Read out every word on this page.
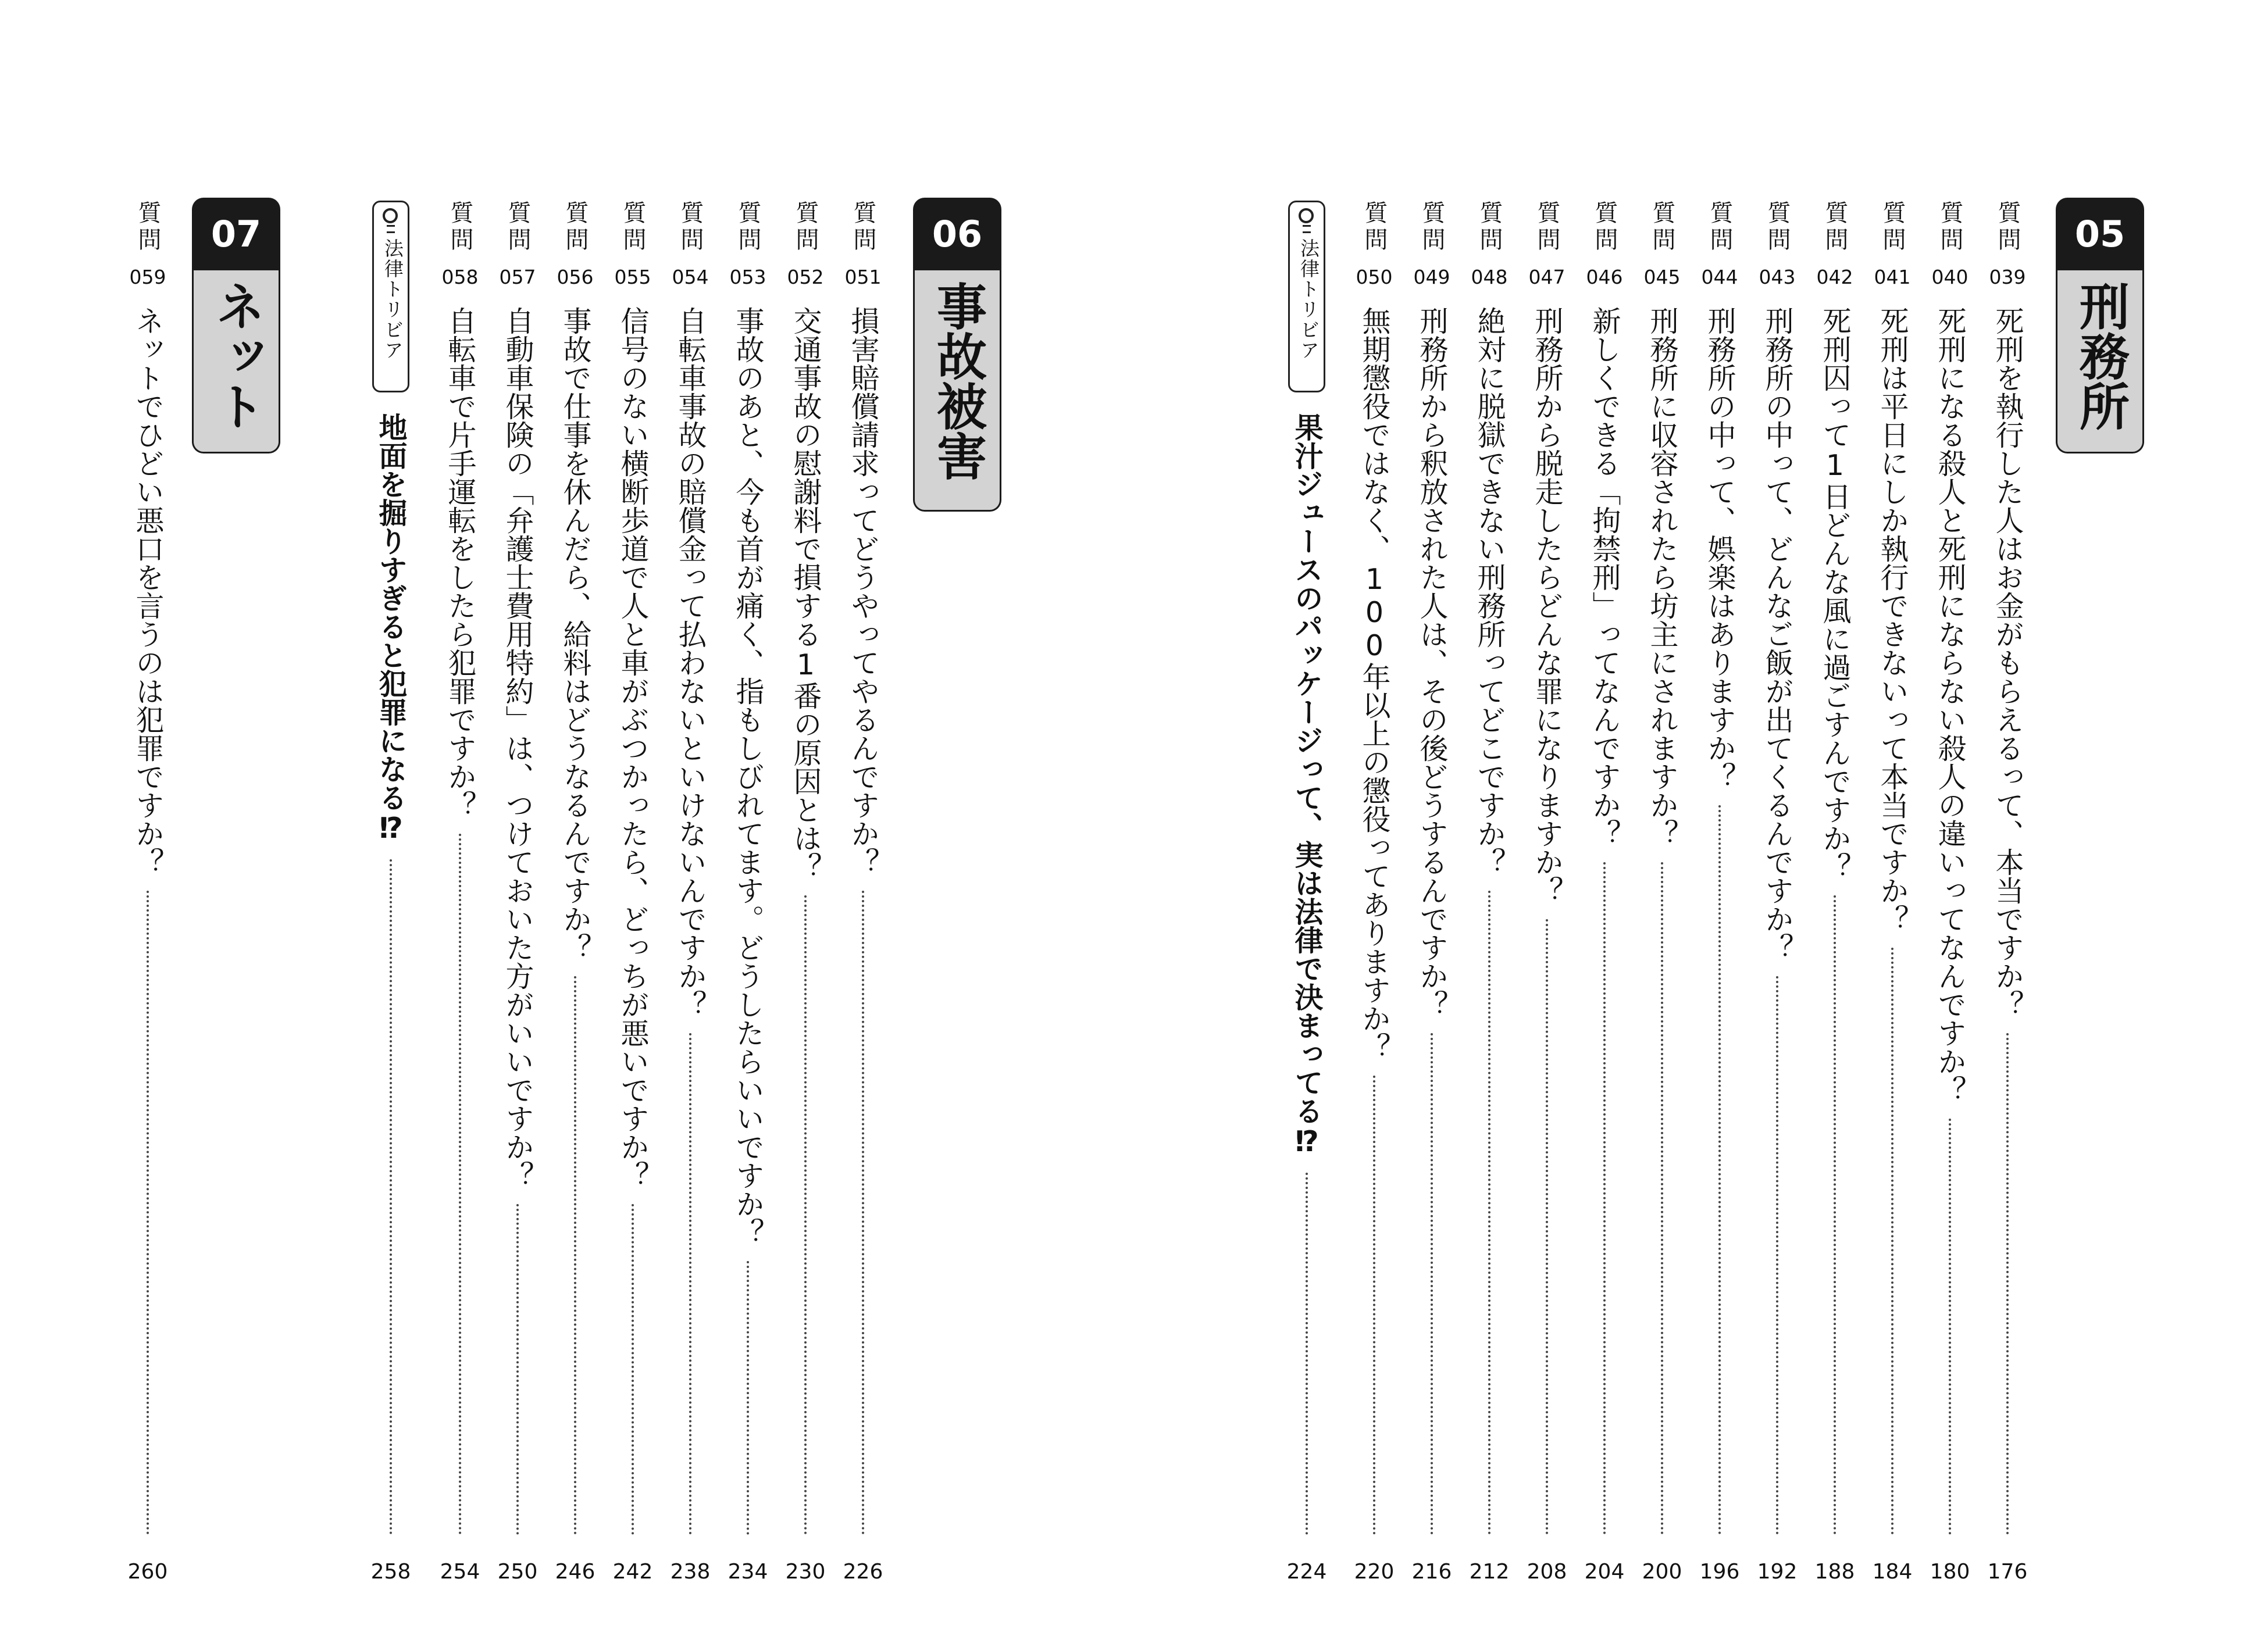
05
刑務所
質問
039
死刑を執行した人はお金がもらえるって、本当ですか？
176
質問
040
死刑になる殺人と死刑にならない殺人の違いってなんですか？
180
質問
041
死刑は平日にしか執行できないって本当ですか？
184
質問
042
死刑囚って1日どんな風に過ごすんですか？
188
質問
043
刑務所の中って、どんなご飯が出てくるんですか？
192
質問
044
刑務所の中って、娯楽はありますか？
196
質問
045
刑務所に収容されたら坊主にされますか？
200
質問
046
新しくできる「拘禁刑」ってなんですか？
204
質問
047
刑務所から脱走したらどんな罪になりますか？
208
質問
048
絶対に脱獄できない刑務所ってどこですか？
212
質問
049
刑務所から釈放された人は、その後どうするんですか？
216
質問
050
無期懲役ではなく、100年以上の懲役ってありますか？
220
法律トリビア
果汁ジュースのパッケージって、実は法律で決まってる⁉
224
06
事故被害
質問
051
損害賠償請求ってどうやってやるんですか？
226
質問
052
交通事故の慰謝料で損する1番の原因とは？
230
質問
053
事故のあと、今も首が痛く、指もしびれてます。どうしたらいいですか？
234
質問
054
自転車事故の賠償金って払わないといけないんですか？
238
質問
055
信号のない横断歩道で人と車がぶつかったら、どっちが悪いですか？
242
質問
056
事故で仕事を休んだら、給料はどうなるんですか？
246
質問
057
自動車保険の「弁護士費用特約」は、つけておいた方がいいですか？
250
質問
058
自転車で片手運転をしたら犯罪ですか？
254
法律トリビア
地面を掘りすぎると犯罪になる⁉
258
07
ネット
質問
059
ネットでひどい悪口を言うのは犯罪ですか？
260
